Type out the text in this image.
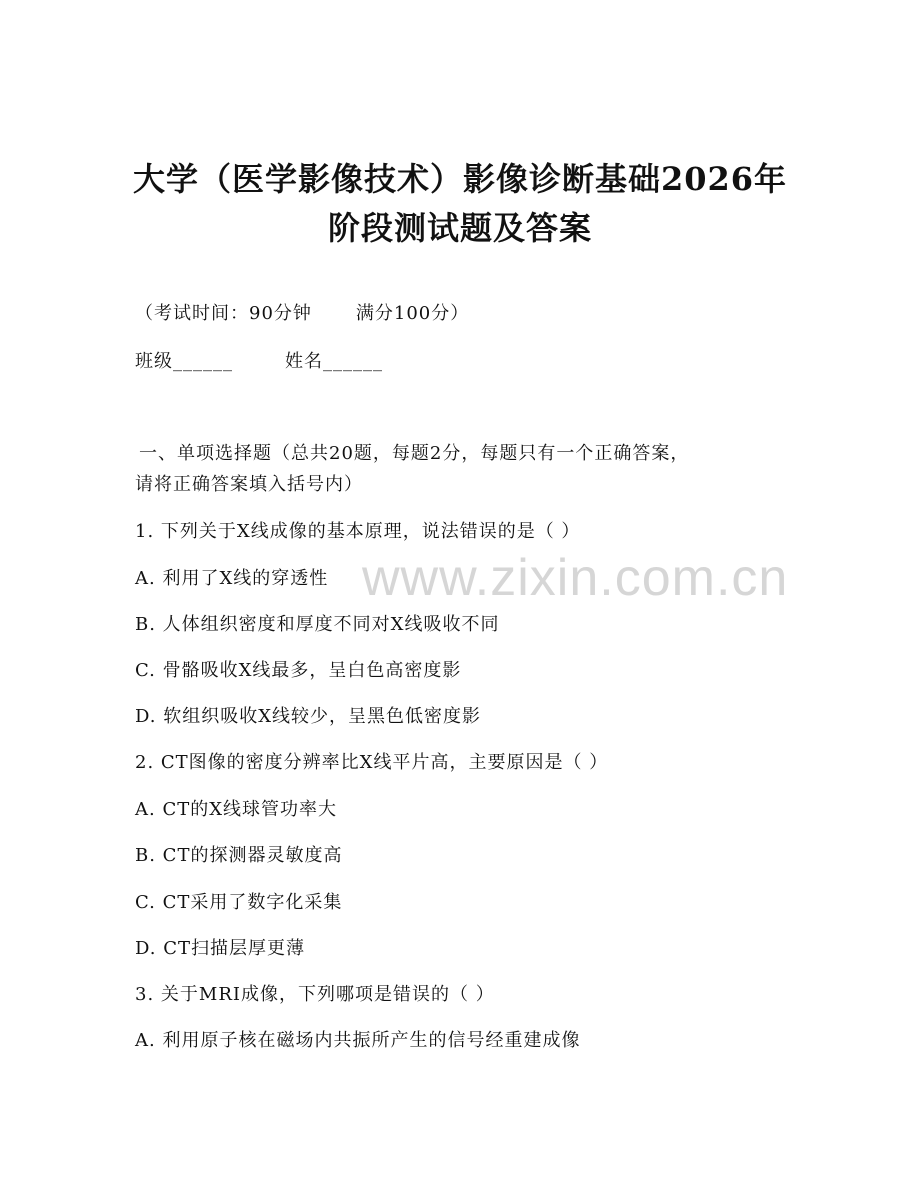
大学（医学影像技术）影像诊断基础2026年
阶段测试题及答案
（考试时间：90分钟 满分100分）
班级______	姓名______
一、单项选择题（总共20题，每题2分，每题只有一个正确答案，
请将正确答案填入括号内）
1. 下列关于X线成像的基本原理，说法错误的是（ ）
A. 利用了X线的穿透性
B. 人体组织密度和厚度不同对X线吸收不同
C. 骨骼吸收X线最多，呈白色高密度影
D. 软组织吸收X线较少，呈黑色低密度影
2. CT图像的密度分辨率比X线平片高，主要原因是（ ）
A. CT的X线球管功率大
B. CT的探测器灵敏度高
C. CT采用了数字化采集
D. CT扫描层厚更薄
3. 关于MRI成像，下列哪项是错误的（ ）
A. 利用原子核在磁场内共振所产生的信号经重建成像
www.zixin.com.cn
